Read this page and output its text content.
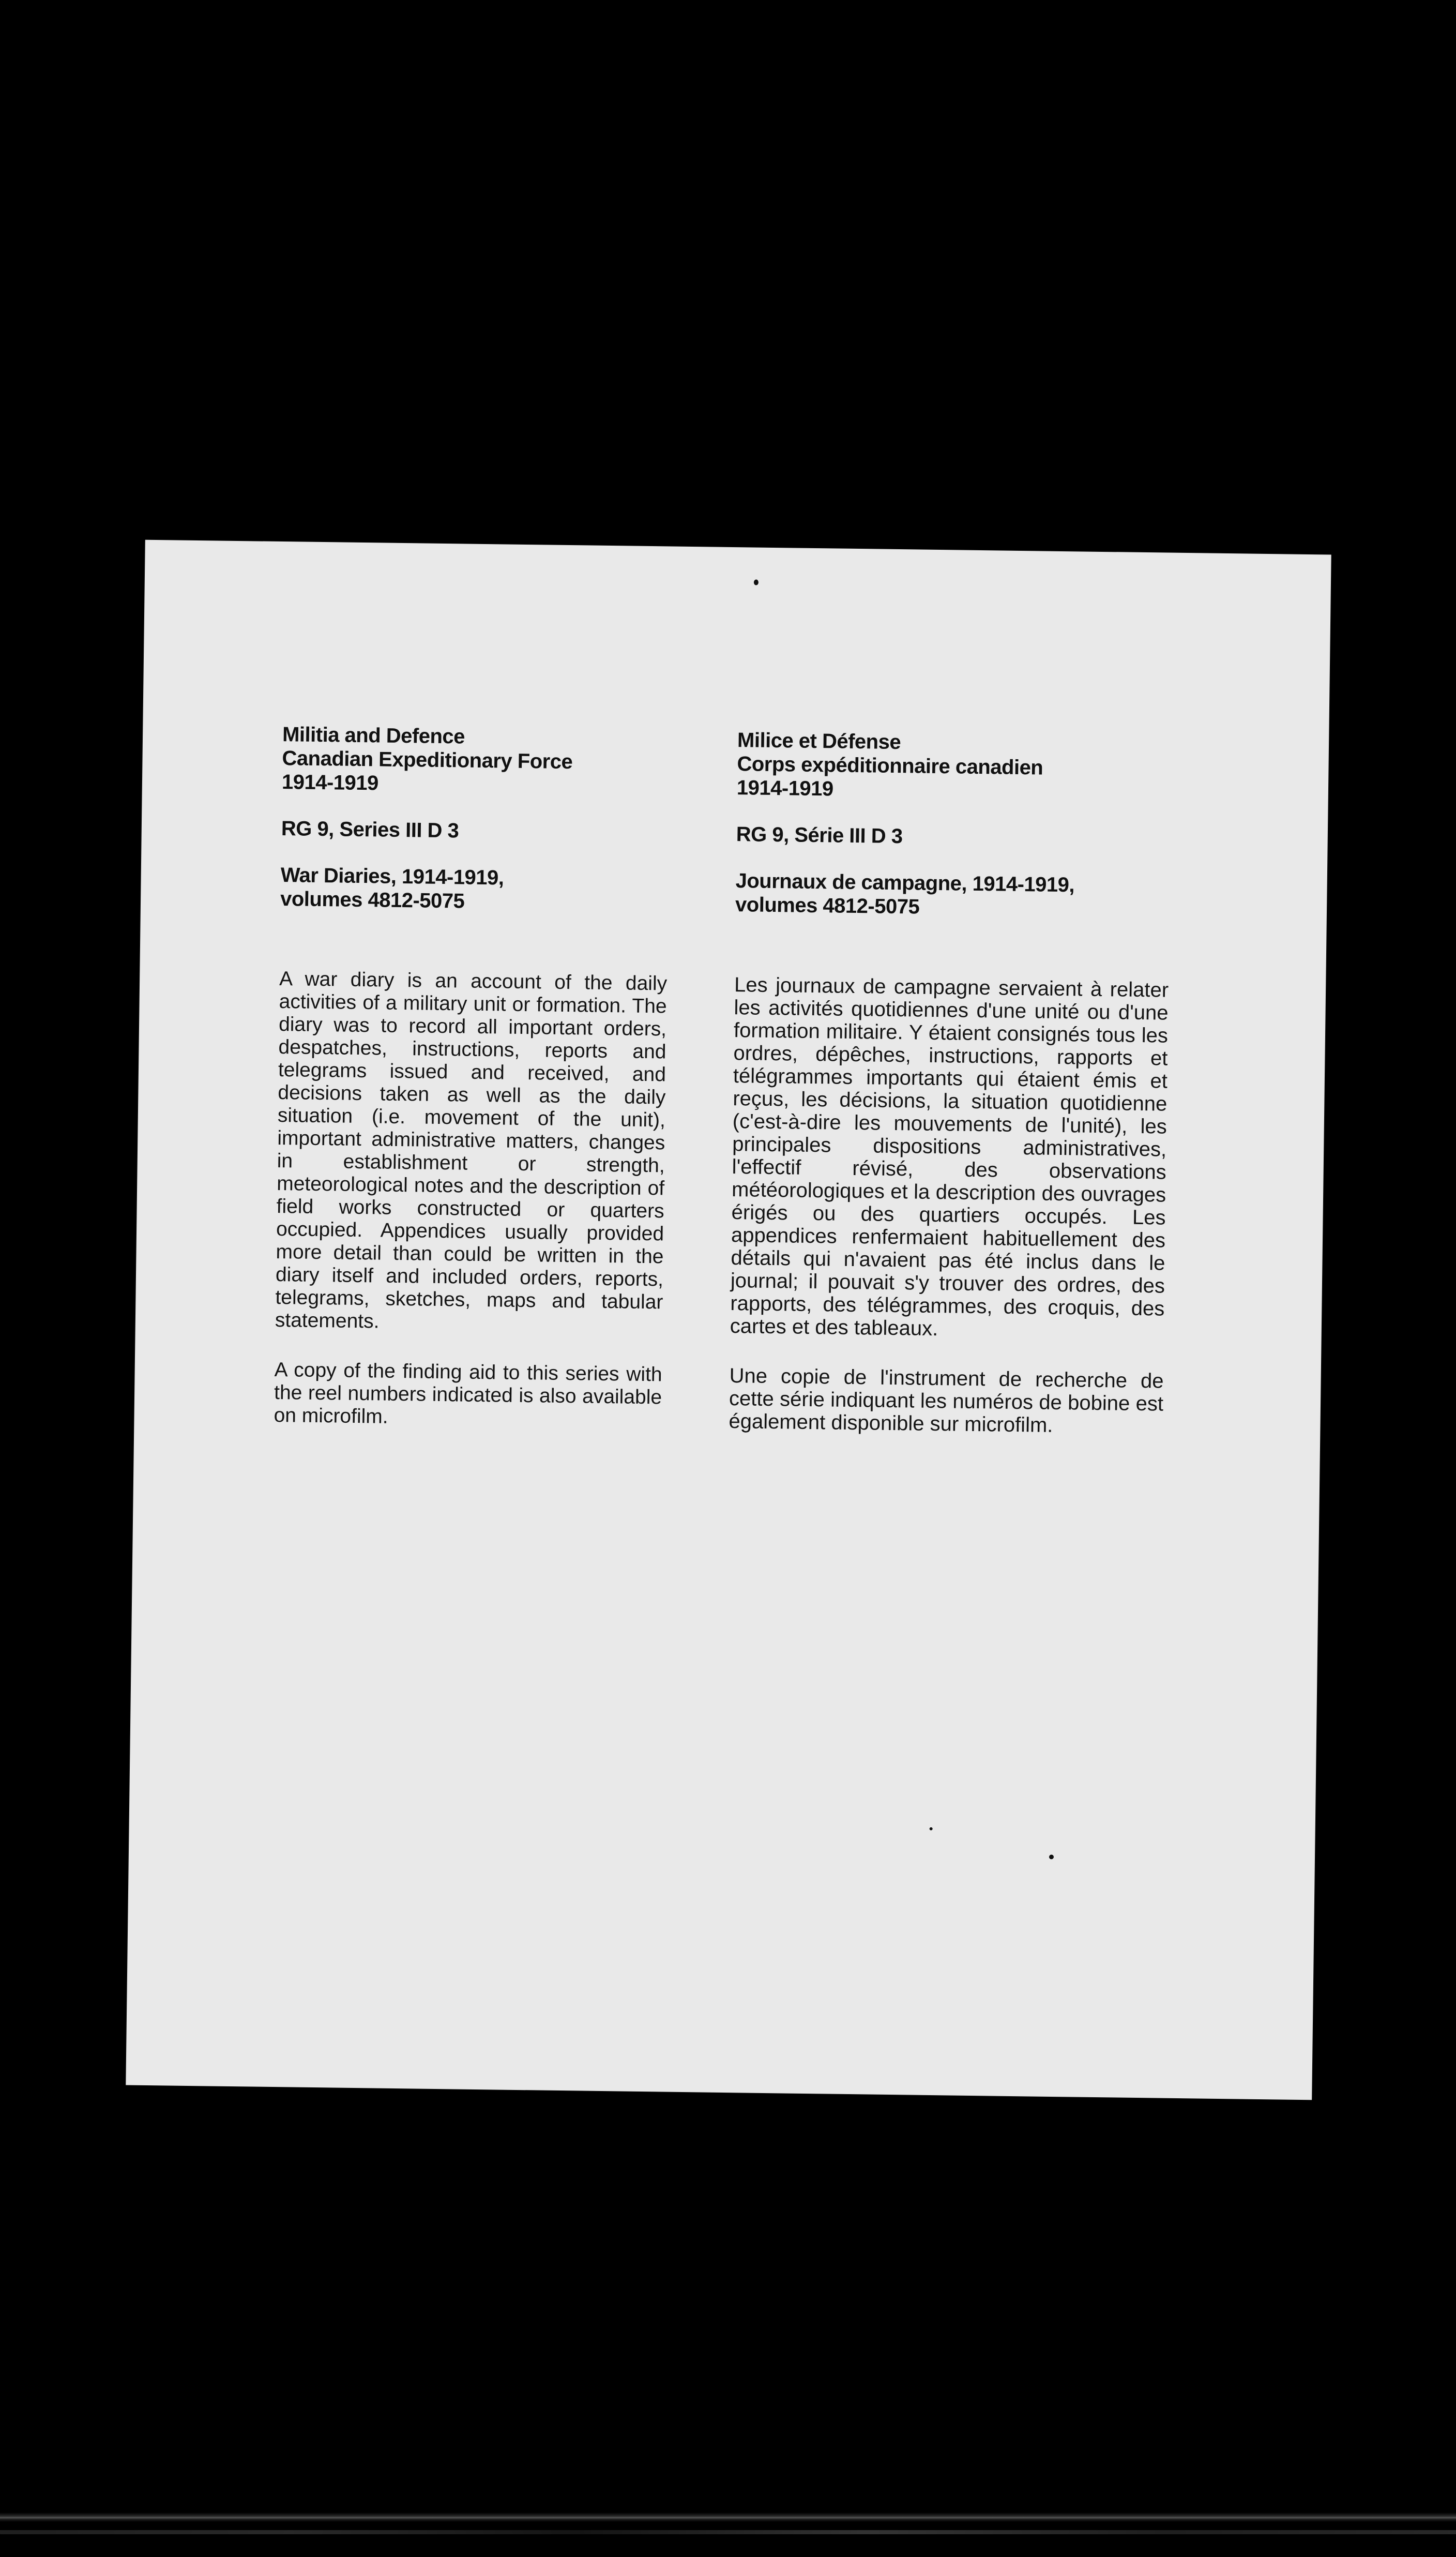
Militia and Defence

Canadian Expeditionary Force

1914-1919

RG 9, Series III D 3

War Diaries, 1914-1919,

volumes 4812-5075

A war diary is an account of the daily activities of a military unit or formation. The diary was to record all important orders, despatches, instructions, reports and telegrams issued and received, and decisions taken as well as the daily situation (i.e. movement of the unit), important administrative matters, changes in establishment or strength, meteorological notes and the description of field works constructed or quarters occupied. Appendices usually provided more detail than could be written in the diary itself and included orders, reports, telegrams, sketches, maps and tabular statements.

A copy of the finding aid to this series with the reel numbers indicated is also available on microfilm.

Milice et Défense

Corps expéditionnaire canadien

1914-1919

RG 9, Série III D 3

Journaux de campagne, 1914-1919,

volumes 4812-5075

Les journaux de campagne servaient à relater les activités quotidiennes d'une unité ou d'une formation militaire. Y étaient consignés tous les ordres, dépêches, instructions, rapports et télégrammes importants qui étaient émis et reçus, les décisions, la situation quotidienne (c'est-à-dire les mouvements de l'unité), les principales dispositions administratives, l'effectif révisé, des observations météorologiques et la description des ouvrages érigés ou des quartiers occupés. Les appendices renfermaient habituellement des détails qui n'avaient pas été inclus dans le journal; il pouvait s'y trouver des ordres, des rapports, des télégrammes, des croquis, des cartes et des tableaux.

Une copie de l'instrument de recherche de cette série indiquant les numéros de bobine est également disponible sur microfilm.
